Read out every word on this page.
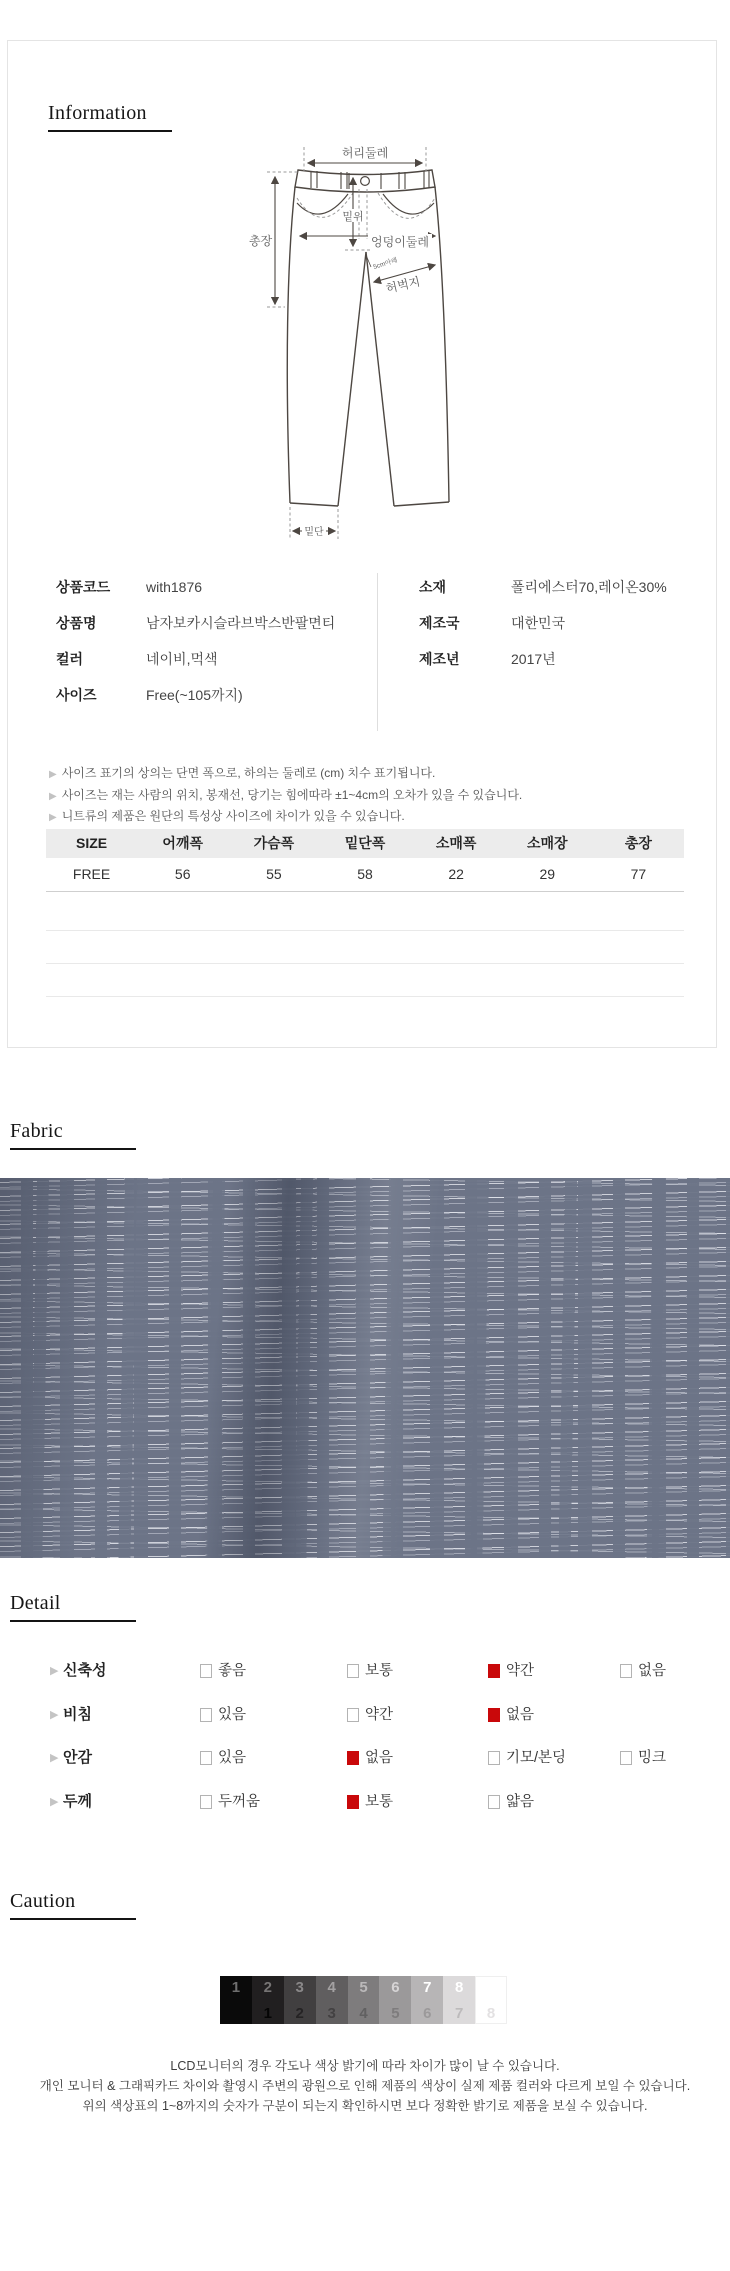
Information
허리둘레
총장
밑위
엉덩이둘레
5cm아래
허벅지
밑단
상품코드	with1876
상품명	남자보카시슬라브박스반팔면티
컬러	네이비,먹색
사이즈	Free(~105까지)
소재	폴리에스터70,레이온30%
제조국	대한민국
제조년	2017년
▶ 사이즈 표기의 상의는 단면 폭으로, 하의는 둘레로 (cm) 치수 표기됩니다.
▶ 사이즈는 재는 사람의 위치, 봉재선, 당기는 힘에따라 ±1~4cm의 오차가 있을 수 있습니다.
▶ 니트류의 제품은 원단의 특성상 사이즈에 차이가 있을 수 있습니다.
SIZE	어깨폭	가슴폭	밑단폭	소매폭	소매장	총장
FREE	56	55	58	22	29	77
Fabric
Detail
▶ 신축성	좋음	보통	약간	없음
▶ 비침	있음	약간	없음
▶ 안감	있음	없음	기모/본딩	밍크
▶ 두께	두꺼움	보통	얇음
Caution
1	2
1
3
2
4
3
5
4
6
5
7
6
8
7	8
LCD모니터의 경우 각도나 색상 밝기에 따라 차이가 많이 날 수 있습니다.
개인 모니터 & 그래픽카드 차이와 촬영시 주변의 광원으로 인해 제품의 색상이 실제 제품 컬러와 다르게 보일 수 있습니다.
위의 색상표의 1~8까지의 숫자가 구분이 되는지 확인하시면 보다 정확한 밝기로 제품을 보실 수 있습니다.
